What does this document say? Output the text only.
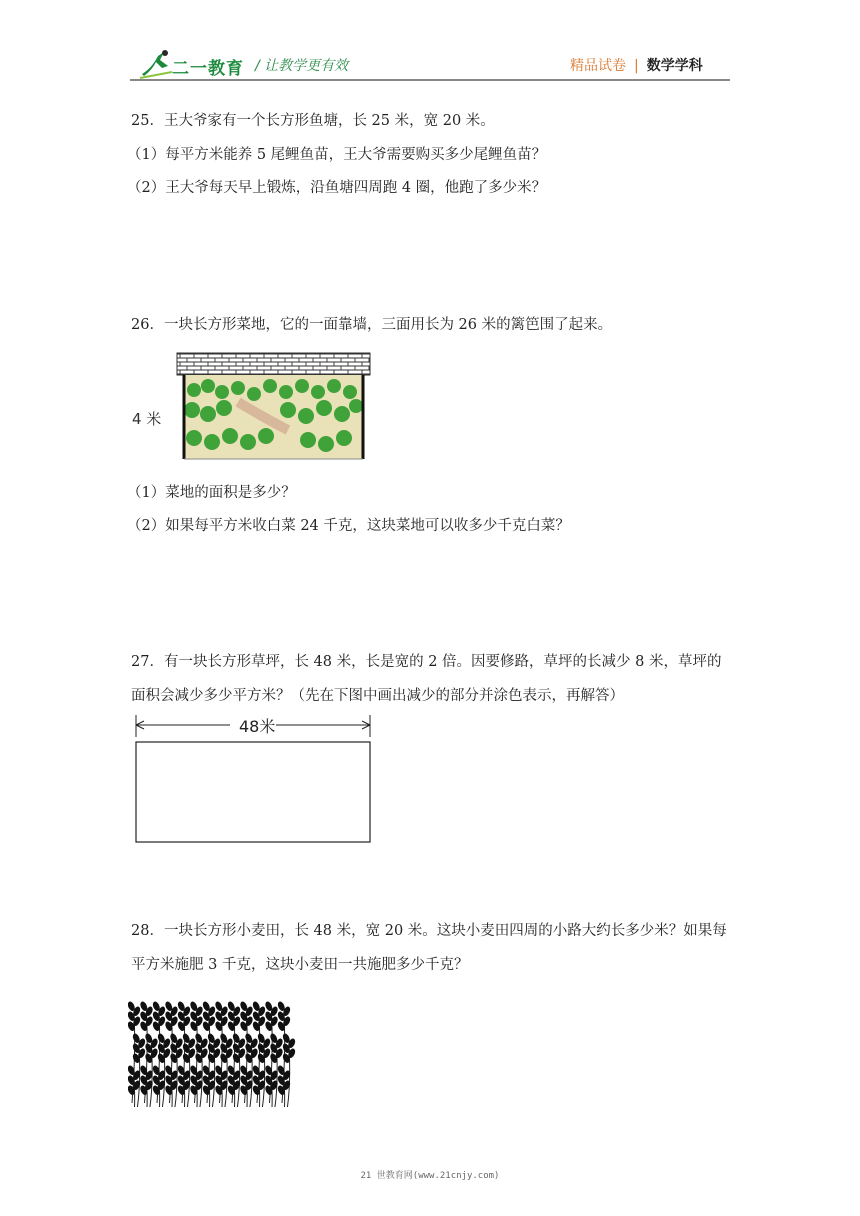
二一教育 / 让教学更有效	精品试卷 | 数学学科
25．王大爷家有一个长方形鱼塘，长 25 米，宽 20 米。
（1）每平方米能养 5 尾鲤鱼苗，王大爷需要购买多少尾鲤鱼苗？
（2）王大爷每天早上锻炼，沿鱼塘四周跑 4 圈，他跑了多少米？
26．一块长方形菜地，它的一面靠墙，三面用长为 26 米的篱笆围了起来。
4 米
（1）菜地的面积是多少？
（2）如果每平方米收白菜 24 千克，这块菜地可以收多少千克白菜？
27．有一块长方形草坪，长 48 米，长是宽的 2 倍。因要修路，草坪的长减少 8 米，草坪的
面积会减少多少平方米？（先在下图中画出减少的部分并涂色表示，再解答）
48米
28．一块长方形小麦田，长 48 米，宽 20 米。这块小麦田四周的小路大约长多少米？如果每
平方米施肥 3 千克，这块小麦田一共施肥多少千克？
21 世教育网(www.21cnjy.com)
